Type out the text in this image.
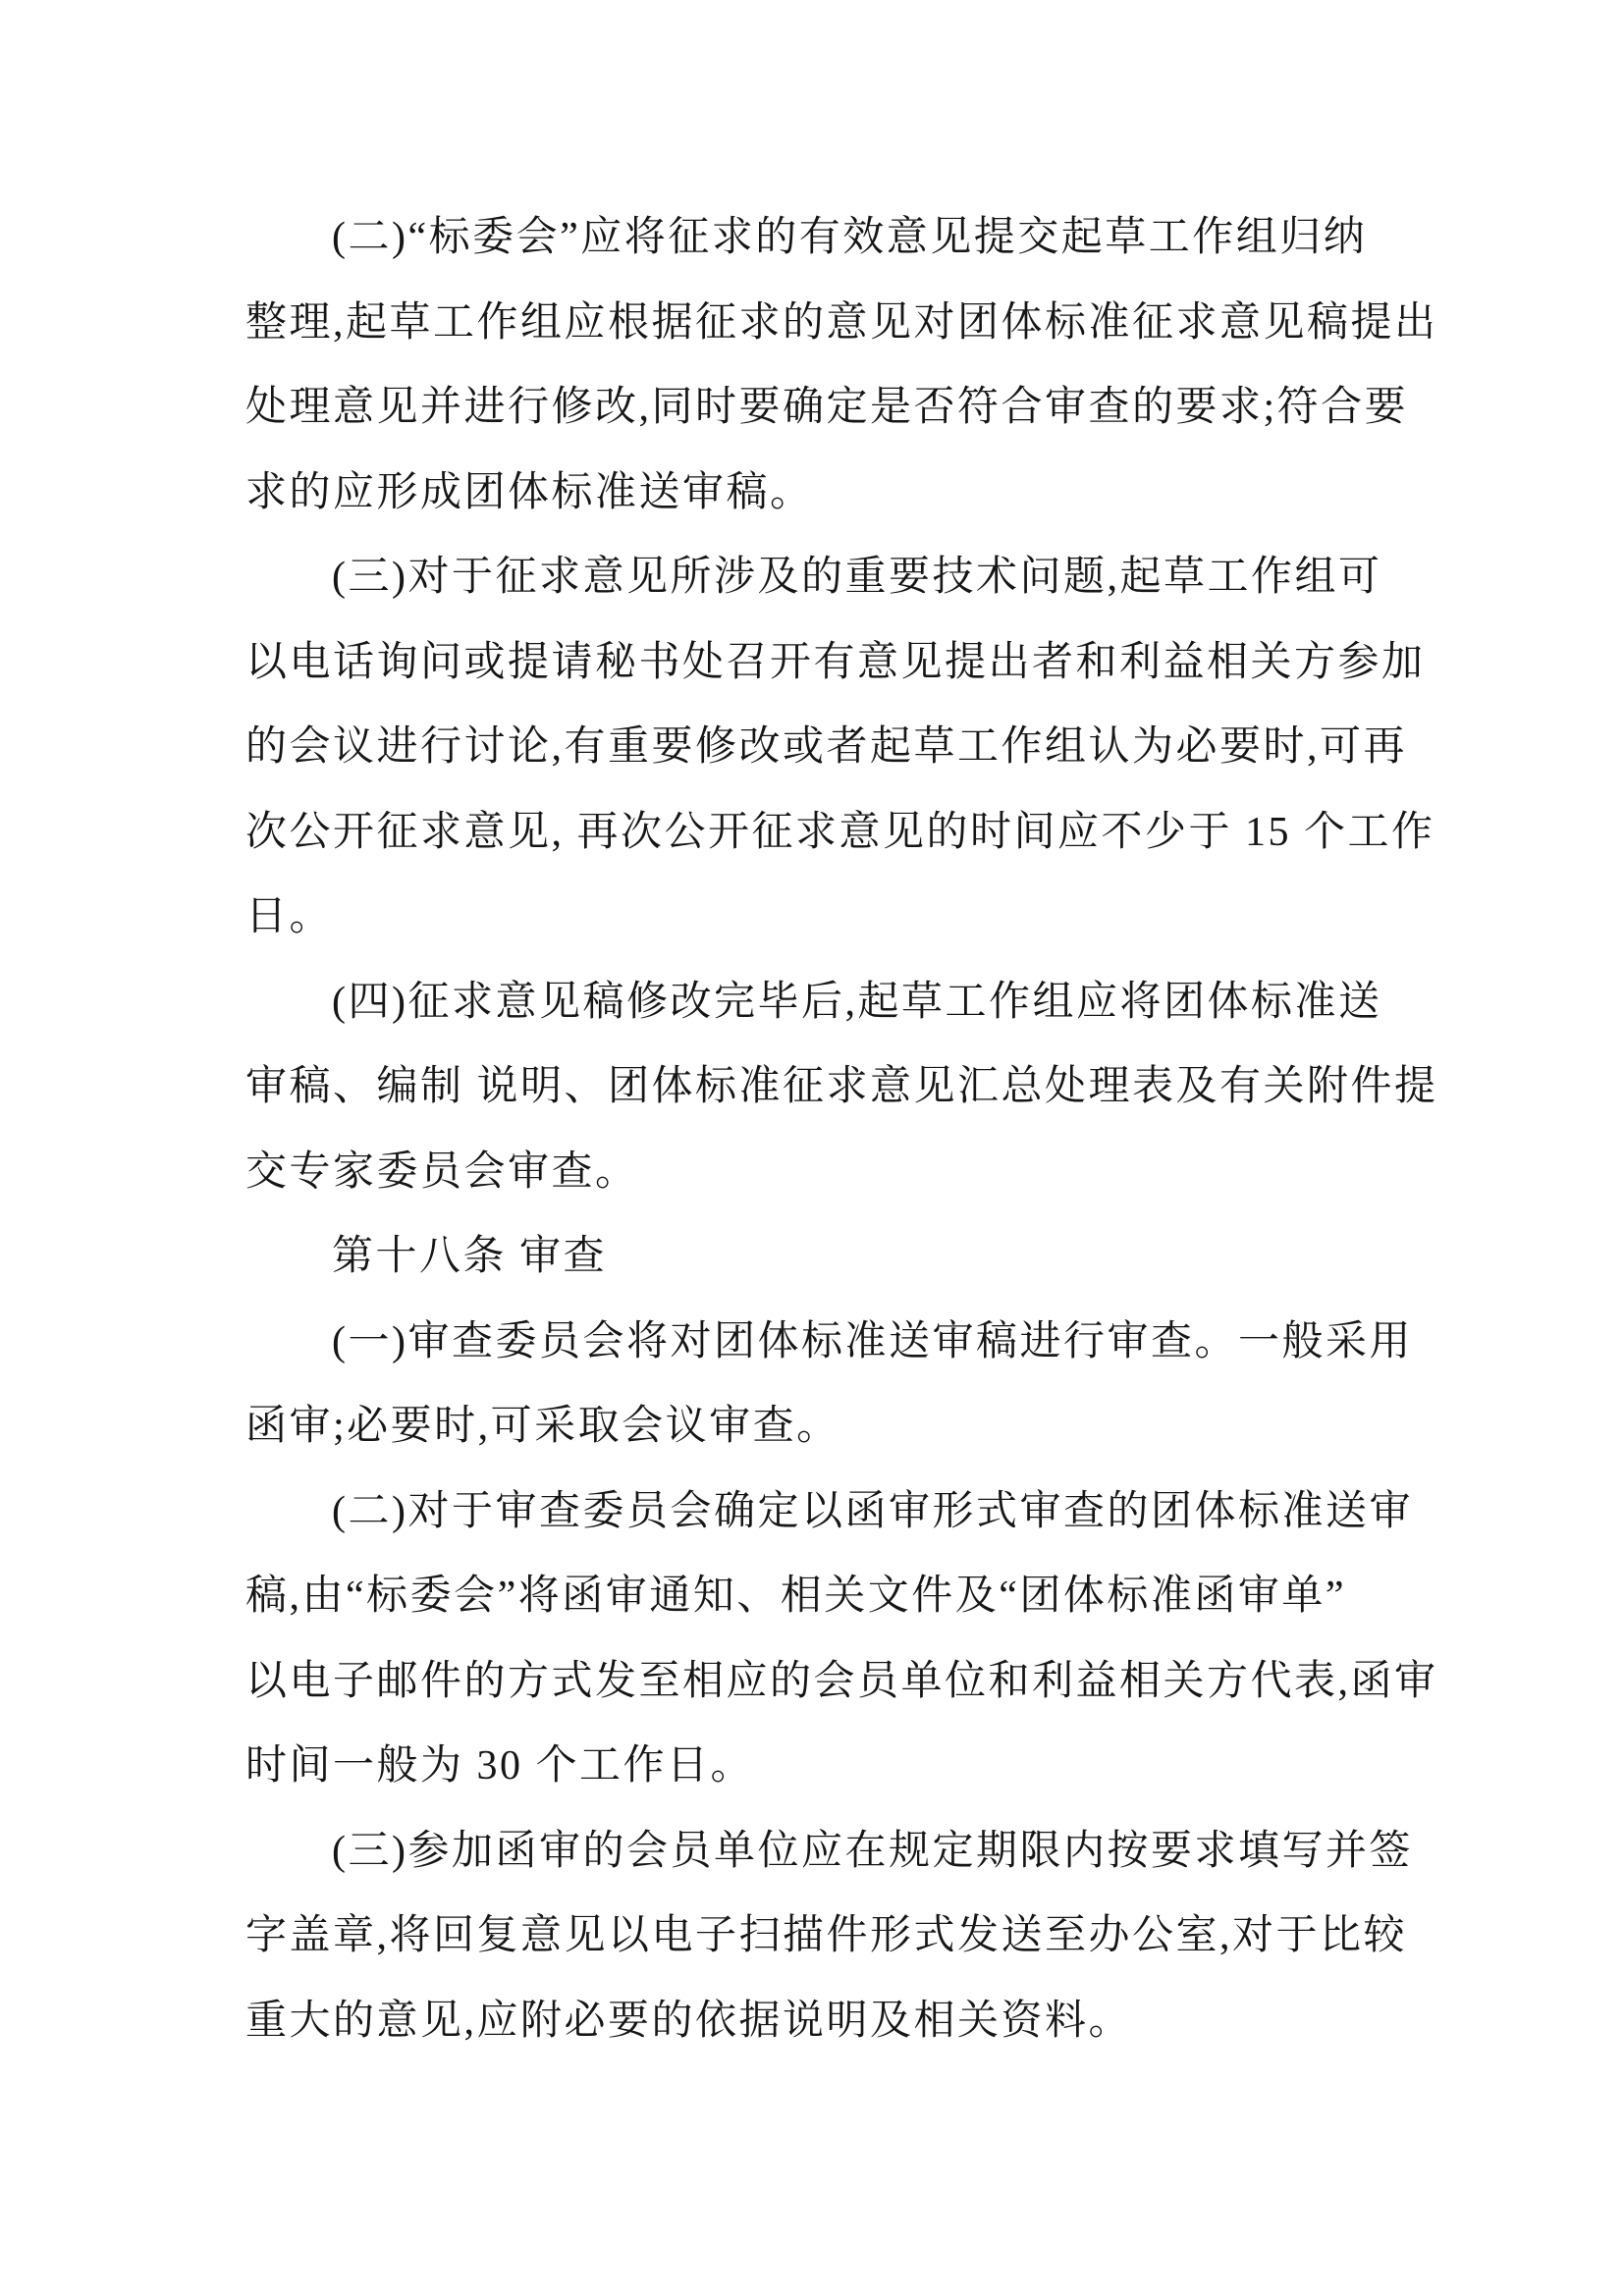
(二)“标委会”应将征求的有效意见提交起草工作组归纳
整理,起草工作组应根据征求的意见对团体标准征求意见稿提出
处理意见并进行修改,同时要确定是否符合审查的要求;符合要
求的应形成团体标准送审稿。
(三)对于征求意见所涉及的重要技术问题,起草工作组可
以电话询问或提请秘书处召开有意见提出者和利益相关方参加
的会议进行讨论,有重要修改或者起草工作组认为必要时,可再
次公开征求意见, 再次公开征求意见的时间应不少于 15 个工作
日。
(四)征求意见稿修改完毕后,起草工作组应将团体标准送
审稿、编制 说明、团体标准征求意见汇总处理表及有关附件提
交专家委员会审查。
第十八条 审查
(一)审查委员会将对团体标准送审稿进行审查。一般采用
函审;必要时,可采取会议审查。
(二)对于审查委员会确定以函审形式审查的团体标准送审
稿,由“标委会”将函审通知、相关文件及“团体标准函审单”
以电子邮件的方式发至相应的会员单位和利益相关方代表,函审
时间一般为 30 个工作日。
(三)参加函审的会员单位应在规定期限内按要求填写并签
字盖章,将回复意见以电子扫描件形式发送至办公室,对于比较
重大的意见,应附必要的依据说明及相关资料。
